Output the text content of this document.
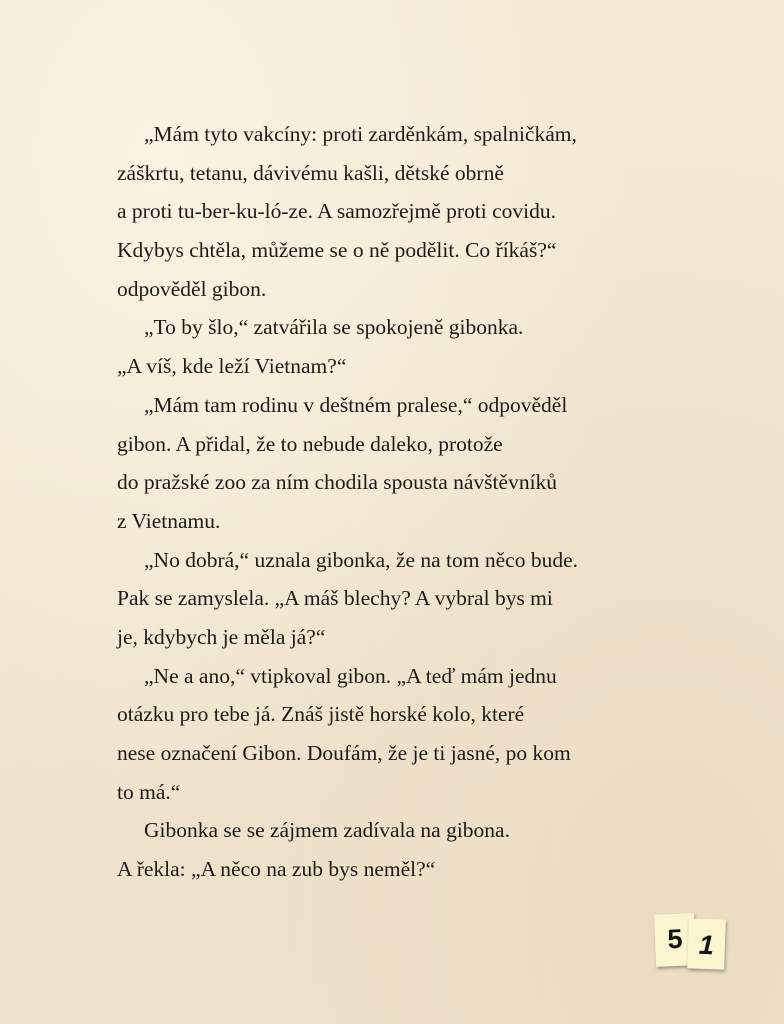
„Mám tyto vakcíny: proti zarděnkám, spalničkám,
záškrtu, tetanu, dávivému kašli, dětské obrně
a proti tu-ber-ku-ló-ze. A samozřejmě proti covidu.
Kdybys chtěla, můžeme se o ně podělit. Co říkáš?“
odpověděl gibon.
„To by šlo,“ zatvářila se spokojeně gibonka.
„A víš, kde leží Vietnam?“
„Mám tam rodinu v deštném pralese,“ odpověděl
gibon. A přidal, že to nebude daleko, protože
do pražské zoo za ním chodila spousta návštěvníků
z Vietnamu.
„No dobrá,“ uznala gibonka, že na tom něco bude.
Pak se zamyslela. „A máš blechy? A vybral bys mi
je, kdybych je měla já?“
„Ne a ano,“ vtipkoval gibon. „A teď mám jednu
otázku pro tebe já. Znáš jistě horské kolo, které
nese označení Gibon. Doufám, že je ti jasné, po kom
to má.“
Gibonka se se zájmem zadívala na gibona.
A řekla: „A něco na zub bys neměl?“
5 1
